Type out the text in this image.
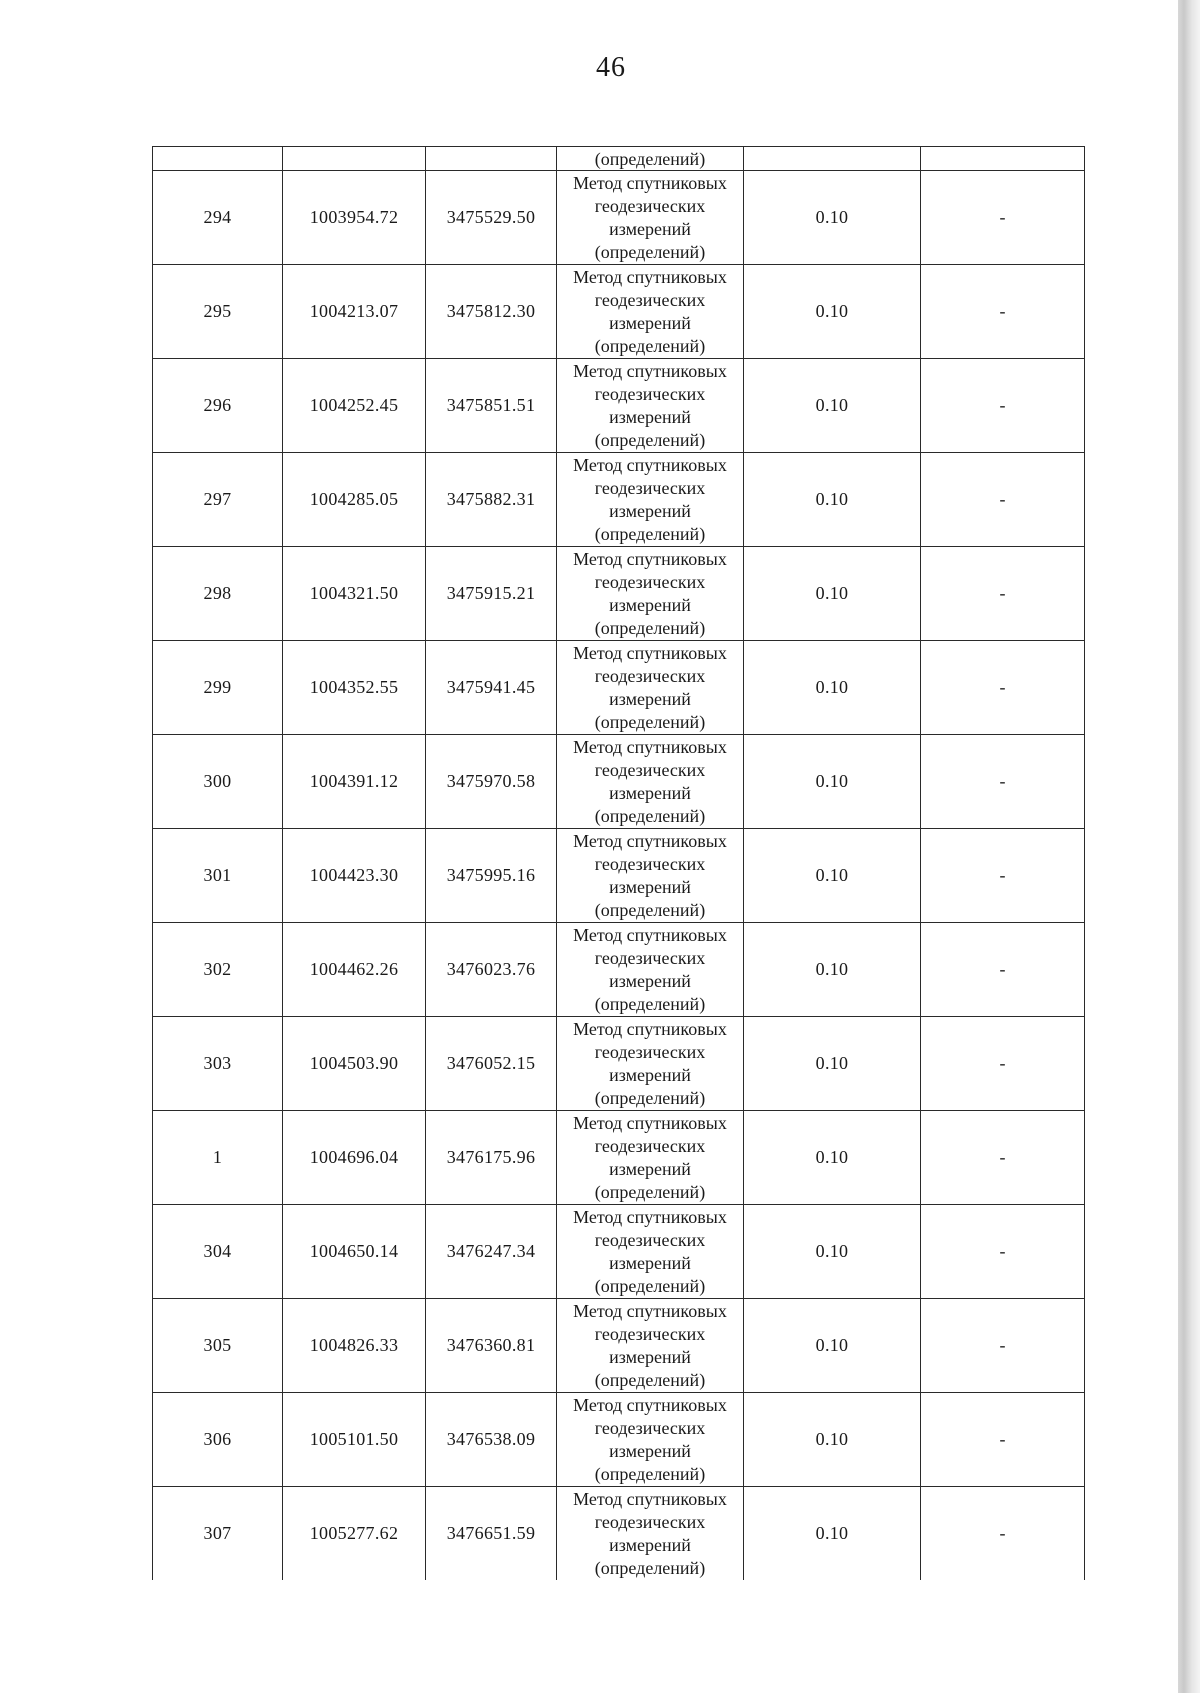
46
			(определений)		
294	1003954.72	3475529.50	Метод спутниковых
геодезических
измерений
(определений)	0.10	-
295	1004213.07	3475812.30	Метод спутниковых
геодезических
измерений
(определений)	0.10	-
296	1004252.45	3475851.51	Метод спутниковых
геодезических
измерений
(определений)	0.10	-
297	1004285.05	3475882.31	Метод спутниковых
геодезических
измерений
(определений)	0.10	-
298	1004321.50	3475915.21	Метод спутниковых
геодезических
измерений
(определений)	0.10	-
299	1004352.55	3475941.45	Метод спутниковых
геодезических
измерений
(определений)	0.10	-
300	1004391.12	3475970.58	Метод спутниковых
геодезических
измерений
(определений)	0.10	-
301	1004423.30	3475995.16	Метод спутниковых
геодезических
измерений
(определений)	0.10	-
302	1004462.26	3476023.76	Метод спутниковых
геодезических
измерений
(определений)	0.10	-
303	1004503.90	3476052.15	Метод спутниковых
геодезических
измерений
(определений)	0.10	-
1	1004696.04	3476175.96	Метод спутниковых
геодезических
измерений
(определений)	0.10	-
304	1004650.14	3476247.34	Метод спутниковых
геодезических
измерений
(определений)	0.10	-
305	1004826.33	3476360.81	Метод спутниковых
геодезических
измерений
(определений)	0.10	-
306	1005101.50	3476538.09	Метод спутниковых
геодезических
измерений
(определений)	0.10	-
307	1005277.62	3476651.59	Метод спутниковых
геодезических
измерений
(определений)	0.10	-
